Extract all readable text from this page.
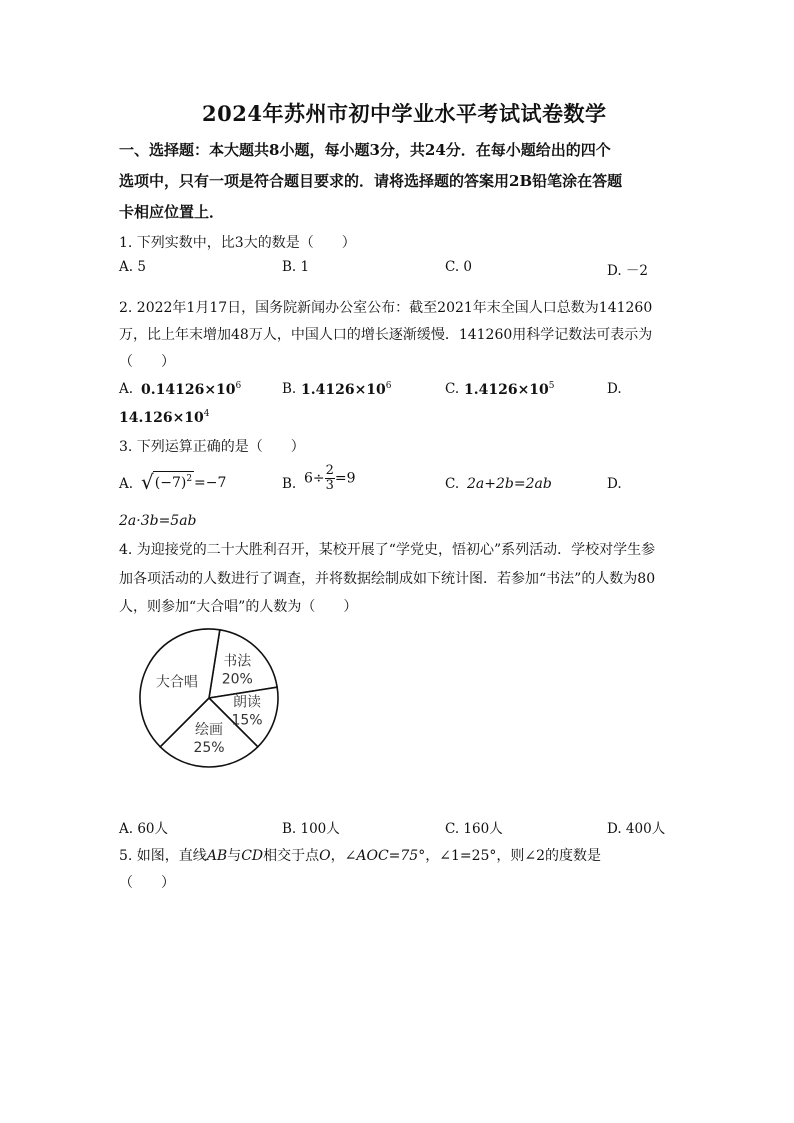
2024年苏州市初中学业水平考试试卷数学
一、选择题：本大题共8小题，每小题3分，共24分．在每小题给出的四个
选项中，只有一项是符合题目要求的．请将选择题的答案用2B铅笔涂在答题
卡相应位置上．
1. 下列实数中，比3大的数是（　　）
A. 5	B. 1	C. 0	D. －2
2. 2022年1月17日，国务院新闻办公室公布：截至2021年末全国人口总数为141260
万，比上年末增加48万人，中国人口的增长逐渐缓慢．141260用科学记数法可表示为
（　　）
A. $0.14126\times 10^6$	B. $1.4126\times 10^6$	C. $1.4126\times 10^5$	D.
$14.126\times 10^4$
3. 下列运算正确的是（　　）
A. $√(-7)^2 =-7$	B. $6\div \frac{2}{3} =9$	C. 2a+2b=2ab	D.
2a·3b=5ab
4. 为迎接党的二十大胜利召开，某校开展了“学党史，悟初心”系列活动．学校对学生参
加各项活动的人数进行了调查，并将数据绘制成如下统计图．若参加“书法”的人数为80
人，则参加“大合唱”的人数为（　　）
书法
20%
朗读
15%
绘画
25%
大合唱
A. 60人	B. 100人	C. 160人	D. 400人
5. 如图，直线AB与CD相交于点O，∠AOC=75°，∠1=25°，则∠2的度数是
（　　）
